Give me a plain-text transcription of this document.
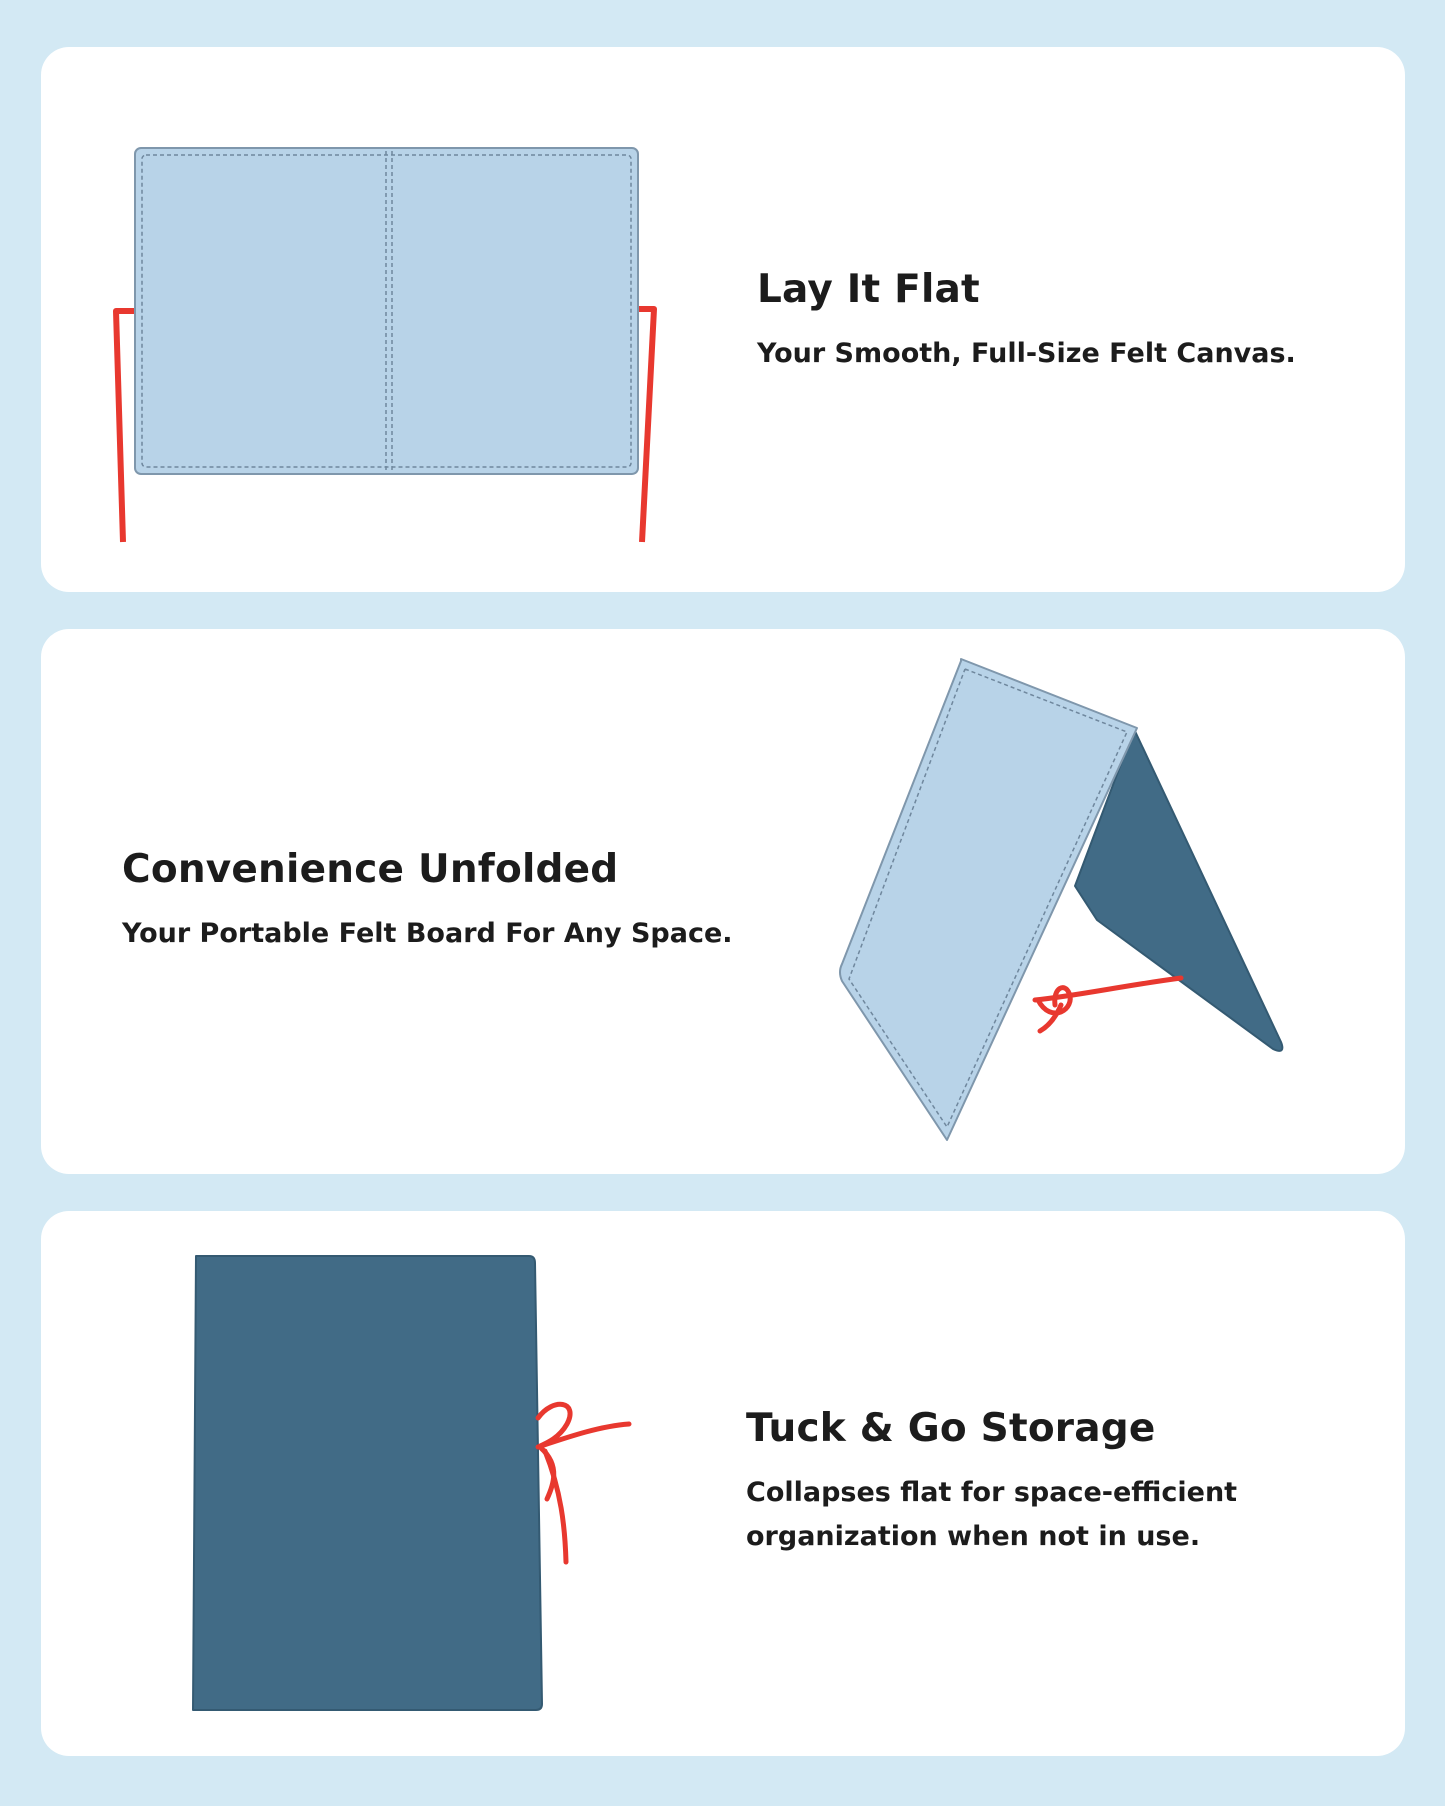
Lay It Flat

Your Smooth, Full-Size Felt Canvas.

Convenience Unfolded

Your Portable Felt Board For Any Space.

Tuck & Go Storage

Collapses flat for space-efficient organization when not in use.
